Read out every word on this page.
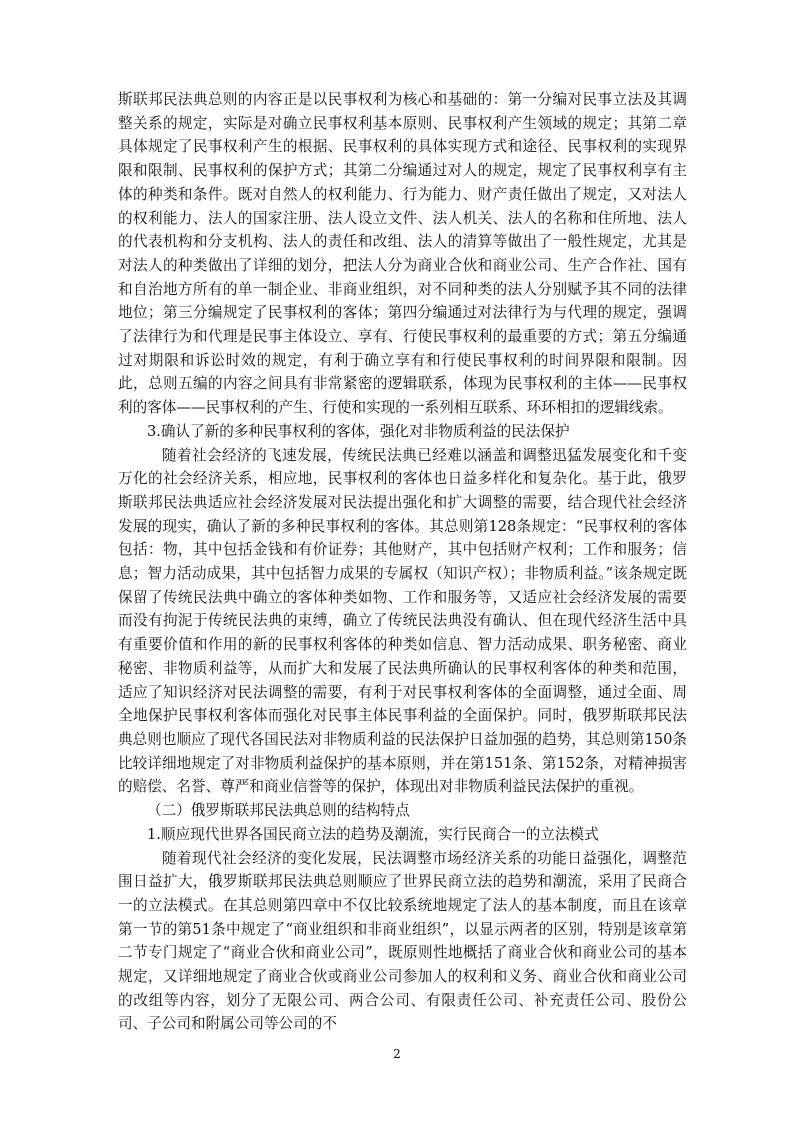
斯联邦民法典总则的内容正是以民事权利为核心和基础的：第一分编对民事立法及其调整关系的规定，实际是对确立民事权利基本原则、民事权利产生领域的规定；其第二章具体规定了民事权利产生的根据、民事权利的具体实现方式和途径、民事权利的实现界限和限制、民事权利的保护方式；其第二分编通过对人的规定，规定了民事权利享有主体的种类和条件。既对自然人的权利能力、行为能力、财产责任做出了规定，又对法人的权利能力、法人的国家注册、法人设立文件、法人机关、法人的名称和住所地、法人的代表机构和分支机构、法人的责任和改组、法人的清算等做出了一般性规定，尤其是对法人的种类做出了详细的划分，把法人分为商业合伙和商业公司、生产合作社、国有和自治地方所有的单一制企业、非商业组织，对不同种类的法人分别赋予其不同的法律地位；第三分编规定了民事权利的客体；第四分编通过对法律行为与代理的规定，强调了法律行为和代理是民事主体设立、享有、行使民事权利的最重要的方式；第五分编通过对期限和诉讼时效的规定，有利于确立享有和行使民事权利的时间界限和限制。因此，总则五编的内容之间具有非常紧密的逻辑联系，体现为民事权利的主体——民事权利的客体——民事权利的产生、行使和实现的一系列相互联系、环环相扣的逻辑线索。

3.确认了新的多种民事权利的客体，强化对非物质利益的民法保护

随着社会经济的飞速发展，传统民法典已经难以涵盖和调整迅猛发展变化和千变万化的社会经济关系，相应地，民事权利的客体也日益多样化和复杂化。基于此，俄罗斯联邦民法典适应社会经济发展对民法提出强化和扩大调整的需要，结合现代社会经济发展的现实，确认了新的多种民事权利的客体。其总则第128条规定：“民事权利的客体包括：物，其中包括金钱和有价证券；其他财产，其中包括财产权利；工作和服务；信息；智力活动成果，其中包括智力成果的专属权（知识产权）；非物质利益。”该条规定既保留了传统民法典中确立的客体种类如物、工作和服务等，又适应社会经济发展的需要而没有拘泥于传统民法典的束缚，确立了传统民法典没有确认、但在现代经济生活中具有重要价值和作用的新的民事权利客体的种类如信息、智力活动成果、职务秘密、商业秘密、非物质利益等，从而扩大和发展了民法典所确认的民事权利客体的种类和范围，适应了知识经济对民法调整的需要，有利于对民事权利客体的全面调整，通过全面、周全地保护民事权利客体而强化对民事主体民事利益的全面保护。同时，俄罗斯联邦民法典总则也顺应了现代各国民法对非物质利益的民法保护日益加强的趋势，其总则第150条比较详细地规定了对非物质利益保护的基本原则，并在第151条、第152条，对精神损害的赔偿、名誉、尊严和商业信誉等的保护，体现出对非物质利益民法保护的重视。

（二）俄罗斯联邦民法典总则的结构特点

1.顺应现代世界各国民商立法的趋势及潮流，实行民商合一的立法模式

随着现代社会经济的变化发展，民法调整市场经济关系的功能日益强化，调整范围日益扩大，俄罗斯联邦民法典总则顺应了世界民商立法的趋势和潮流，采用了民商合一的立法模式。在其总则第四章中不仅比较系统地规定了法人的基本制度，而且在该章第一节的第51条中规定了“商业组织和非商业组织”，以显示两者的区别，特别是该章第二节专门规定了“商业合伙和商业公司”，既原则性地概括了商业合伙和商业公司的基本规定，又详细地规定了商业合伙或商业公司参加人的权利和义务、商业合伙和商业公司的改组等内容，划分了无限公司、两合公司、有限责任公司、补充责任公司、股份公司、子公司和附属公司等公司的不

2
